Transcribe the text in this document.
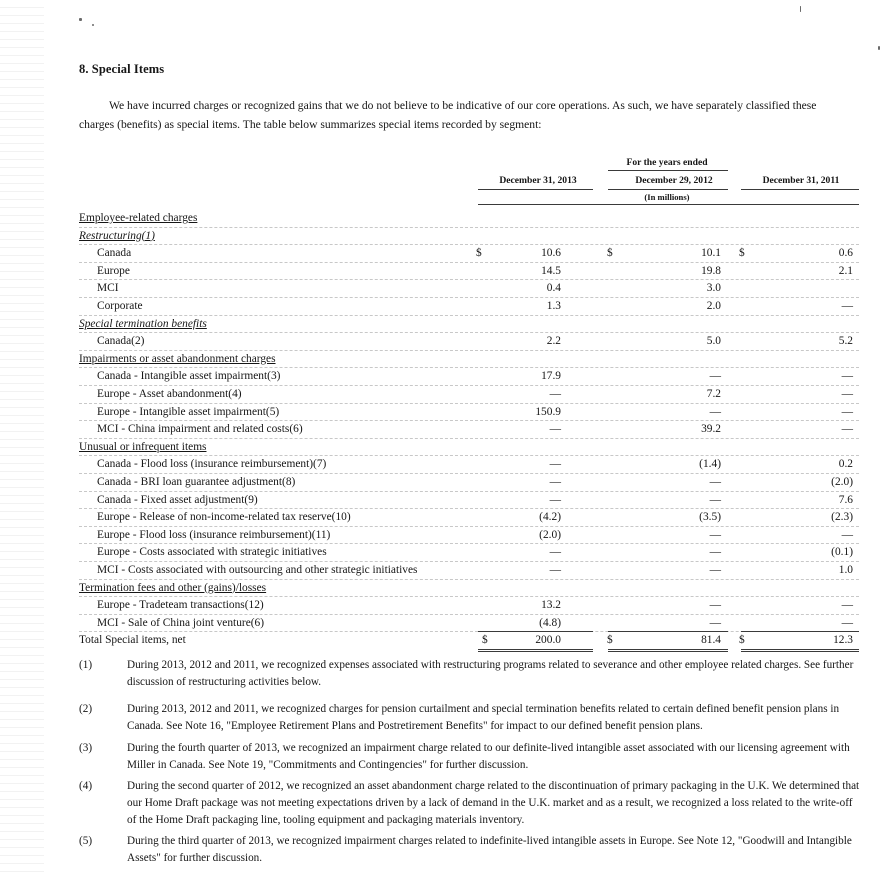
8. Special Items

We have incurred charges or recognized gains that we do not believe to be indicative of our core operations. As such, we have separately classified these charges (benefits) as special items. The table below summarizes special items recorded by segment:

For the years ended
December 31, 2013	December 29, 2012	December 31, 2011
(In millions)
Employee-related charges
Restructuring(1)
Canada	10.6	10.1	0.6
$	$	$
Europe	14.5	19.8	2.1
MCI	0.4	3.0
Corporate	1.3	2.0	—
Special termination benefits
Canada(2)	2.2	5.0	5.2
Impairments or asset abandonment charges
Canada - Intangible asset impairment(3)	17.9	—	—
Europe - Asset abandonment(4)	—	7.2	—
Europe - Intangible asset impairment(5)	150.9	—	—
MCI - China impairment and related costs(6)	—	39.2	—
Unusual or infrequent items
Canada - Flood loss (insurance reimbursement)(7)	—	(1.4)	0.2
Canada - BRI loan guarantee adjustment(8)	—	—	(2.0)
Canada - Fixed asset adjustment(9)	—	—	7.6
Europe - Release of non-income-related tax reserve(10)	(4.2)	(3.5)	(2.3)
Europe - Flood loss (insurance reimbursement)(11)	(2.0)	—	—
Europe - Costs associated with strategic initiatives	—	—	(0.1)
MCI - Costs associated with outsourcing and other strategic initiatives	—	—	1.0
Termination fees and other (gains)/losses
Europe - Tradeteam transactions(12)	13.2	—	—
MCI - Sale of China joint venture(6)	(4.8)	—	—
Total Special items, net	200.0	81.4	12.3
$	$	$
(1)	During 2013, 2012 and 2011, we recognized expenses associated with restructuring programs related to severance and other employee related charges. See further discussion of restructuring activities below.
(2)	During 2013, 2012 and 2011, we recognized charges for pension curtailment and special termination benefits related to certain defined benefit pension plans in Canada. See Note 16, "Employee Retirement Plans and Postretirement Benefits" for impact to our defined benefit pension plans.
(3)	During the fourth quarter of 2013, we recognized an impairment charge related to our definite-lived intangible asset associated with our licensing agreement with Miller in Canada. See Note 19, "Commitments and Contingencies" for further discussion.
(4)	During the second quarter of 2012, we recognized an asset abandonment charge related to the discontinuation of primary packaging in the U.K. We determined that our Home Draft package was not meeting expectations driven by a lack of demand in the U.K. market and as a result, we recognized a loss related to the write-off of the Home Draft packaging line, tooling equipment and packaging materials inventory.
(5)	During the third quarter of 2013, we recognized impairment charges related to indefinite-lived intangible assets in Europe. See Note 12, "Goodwill and Intangible Assets" for further discussion.
